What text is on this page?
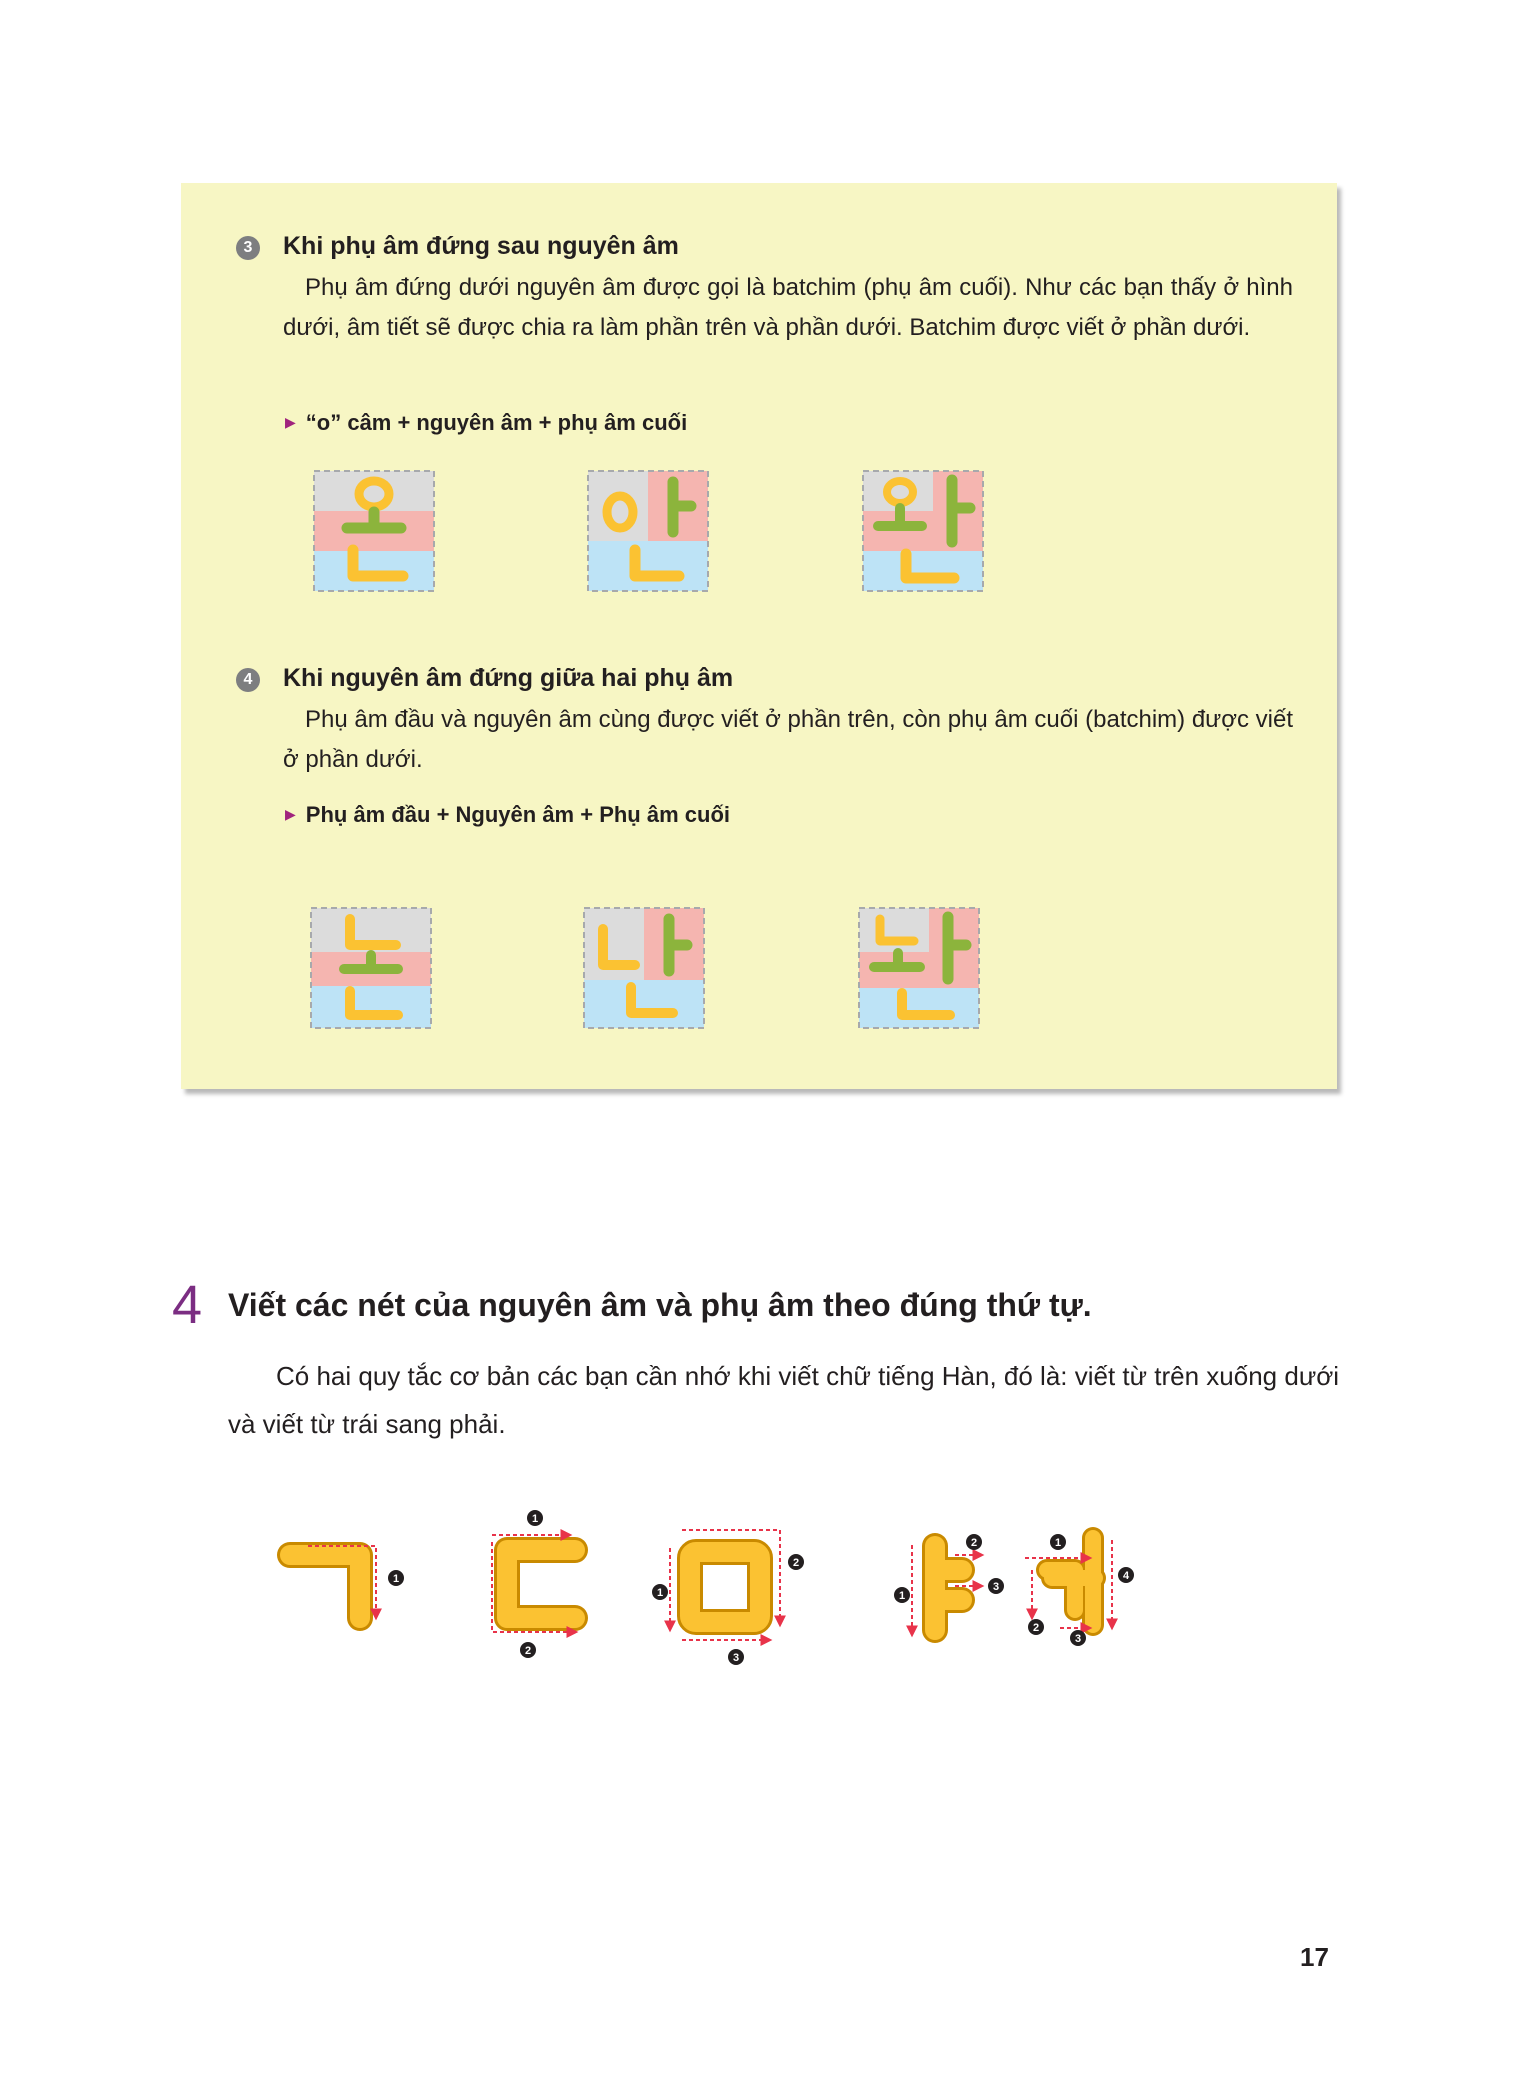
3	Khi phụ âm đứng sau nguyên âm
Phụ âm đứng dưới nguyên âm được gọi là batchim (phụ âm cuối). Như các bạn thấy ở hình dưới, âm tiết sẽ được chia ra làm phần trên và phần dưới. Batchim được viết ở phần dưới.
▶ “o” câm + nguyên âm + phụ âm cuối
4	Khi nguyên âm đứng giữa hai phụ âm
Phụ âm đầu và nguyên âm cùng được viết ở phần trên, còn phụ âm cuối (batchim) được viết ở phần dưới.
▶ Phụ âm đầu + Nguyên âm + Phụ âm cuối
4 Viết các nét của nguyên âm và phụ âm theo đúng thứ tự.
Có hai quy tắc cơ bản các bạn cần nhớ khi viết chữ tiếng Hàn, đó là: viết từ trên xuống dưới và viết từ trái sang phải.
1
1
2
1
2
3
1
2
3
1
2
3
4
17
